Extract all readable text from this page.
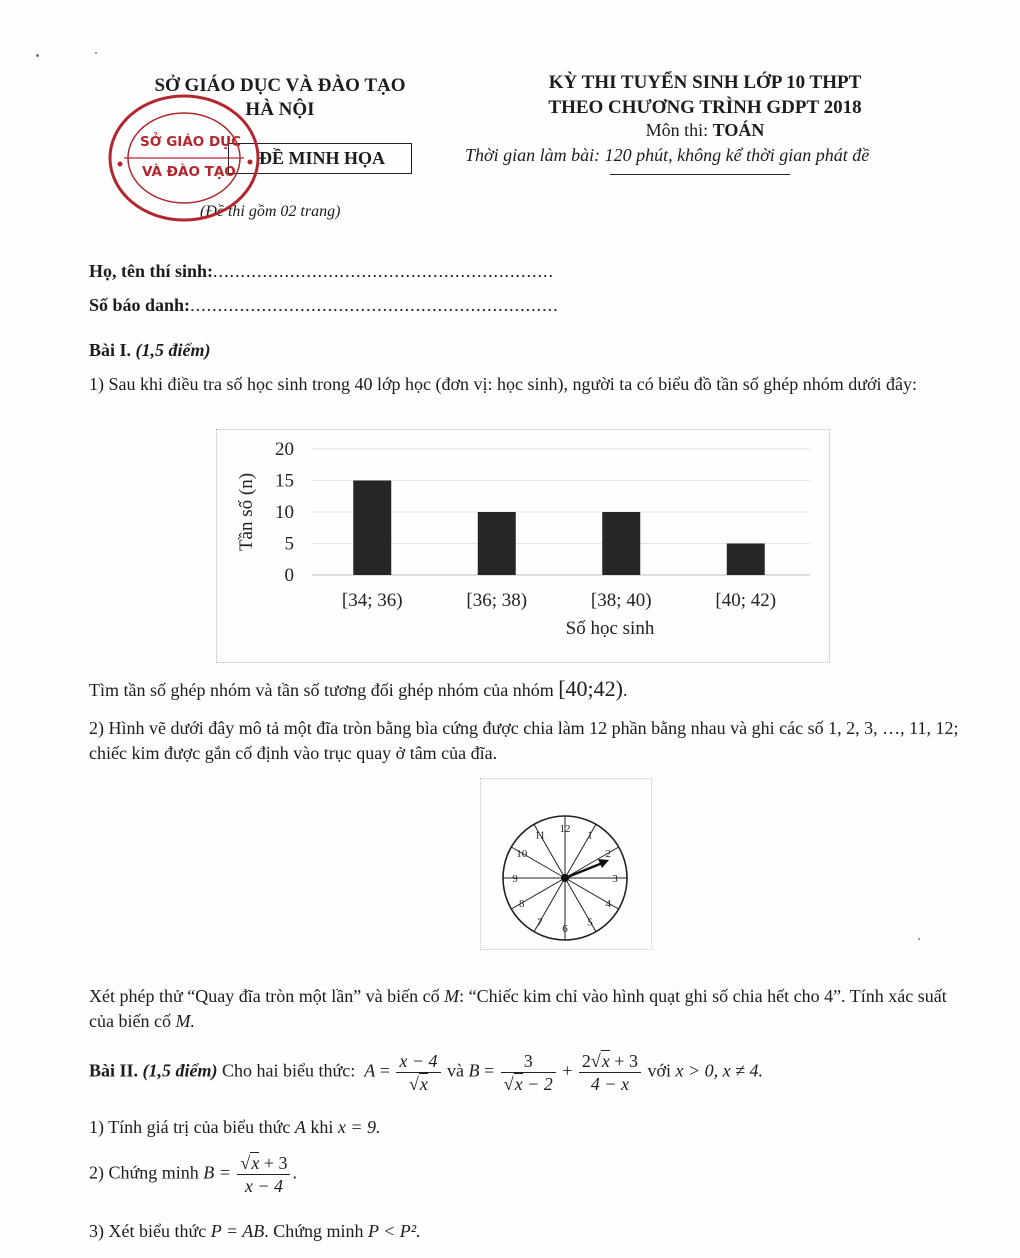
SỞ GIÁO DỤC VÀ ĐÀO TẠO
HÀ NỘI
ĐỀ MINH HỌA
(Đề thi gồm 02 trang)
SỞ GIÁO DỤC
VÀ ĐÀO TẠO
KỲ THI TUYỂN SINH LỚP 10 THPT
THEO CHƯƠNG TRÌNH GDPT 2018
Môn thi: TOÁN
Thời gian làm bài: 120 phút, không kể thời gian phát đề
Họ, tên thí sinh:..............................................................
Số báo danh:...................................................................
Bài I. (1,5 điểm)
1) Sau khi điều tra số học sinh trong 40 lớp học (đơn vị: học sinh), người ta có biểu đồ tần số ghép nhóm dưới đây:
Tần số (n)
Số học sinh
0
5
10
15
20
[34; 36)	[36; 38)	[38; 40)	[40; 42)
Tìm tần số ghép nhóm và tần số tương đối ghép nhóm của nhóm [40;42).
2) Hình vẽ dưới đây mô tả một đĩa tròn bằng bìa cứng được chia làm 12 phần bằng nhau và ghi các số 1, 2, 3, …, 11, 12; chiếc kim được gắn cố định vào trục quay ở tâm của đĩa.
12
1
2
3
4
5
6
7
8
9
10
11
Xét phép thử “Quay đĩa tròn một lần” và biến cố M: “Chiếc kim chỉ vào hình quạt ghi số chia hết cho 4”. Tính xác suất của biến cố M.
Bài II. (1,5 điểm) Cho hai biểu thức: $A = \frac{x - 4}{√x}$ và $B = \frac{3}{√x - 2} + \frac{2√x + 3}{4 - x}$ với x > 0, x ≠ 4.
1) Tính giá trị của biểu thức A khi x = 9.
2) Chứng minh $B = \frac{√x + 3}{x - 4}$ .
3) Xét biểu thức P = AB. Chứng minh P < P².
